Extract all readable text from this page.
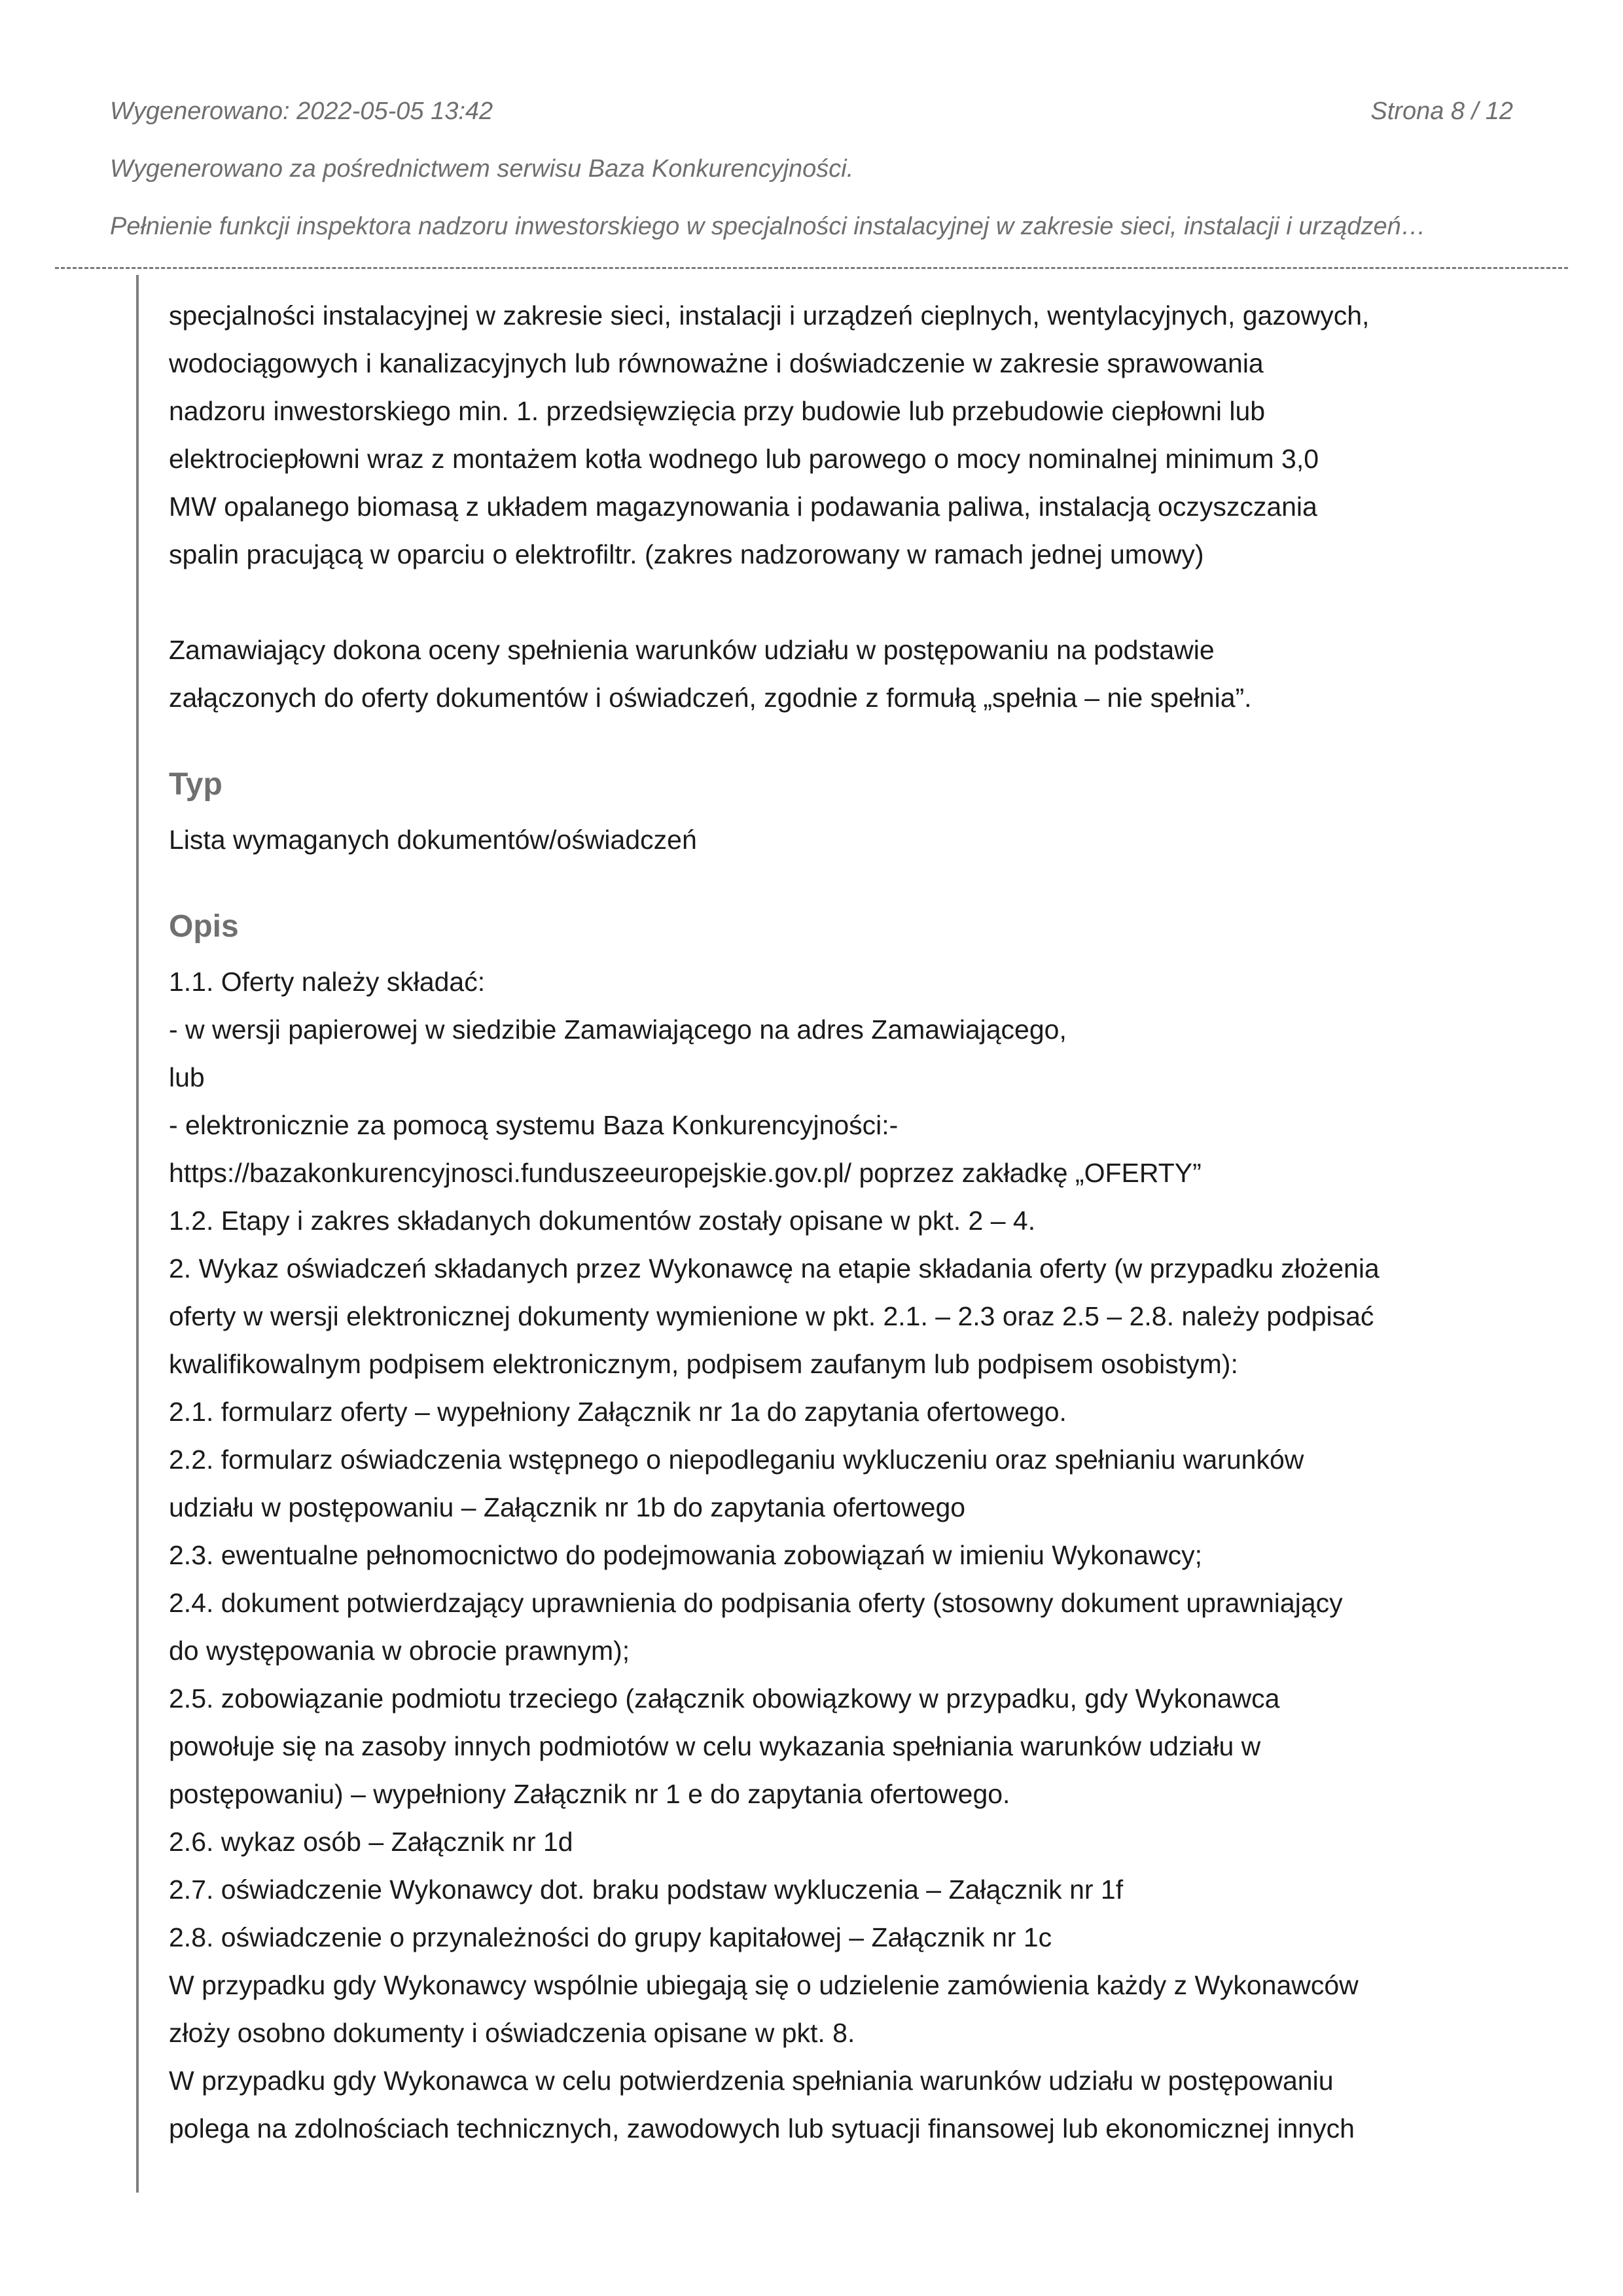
Wygenerowano: 2022-05-05 13:42	Strona 8 / 12
Wygenerowano za pośrednictwem serwisu Baza Konkurencyjności.
Pełnienie funkcji inspektora nadzoru inwestorskiego w specjalności instalacyjnej w zakresie sieci, instalacji i urządzeń…

specjalności instalacyjnej w zakresie sieci, instalacji i urządzeń cieplnych, wentylacyjnych, gazowych,
wodociągowych i kanalizacyjnych lub równoważne i doświadczenie w zakresie sprawowania
nadzoru inwestorskiego min. 1. przedsięwzięcia przy budowie lub przebudowie ciepłowni lub
elektrociepłowni wraz z montażem kotła wodnego lub parowego o mocy nominalnej minimum 3,0
MW opalanego biomasą z układem magazynowania i podawania paliwa, instalacją oczyszczania
spalin pracującą w oparciu o elektrofiltr. (zakres nadzorowany w ramach jednej umowy)

Zamawiający dokona oceny spełnienia warunków udziału w postępowaniu na podstawie
załączonych do oferty dokumentów i oświadczeń, zgodnie z formułą „spełnia – nie spełnia”.

Typ
Lista wymaganych dokumentów/oświadczeń
Opis
1.1. Oferty należy składać:
- w wersji papierowej w siedzibie Zamawiającego na adres Zamawiającego,
lub
- elektronicznie za pomocą systemu Baza Konkurencyjności:-
https://bazakonkurencyjnosci.funduszeeuropejskie.gov.pl/ poprzez zakładkę „OFERTY”
1.2. Etapy i zakres składanych dokumentów zostały opisane w pkt. 2 – 4.
2. Wykaz oświadczeń składanych przez Wykonawcę na etapie składania oferty (w przypadku złożenia
oferty w wersji elektronicznej dokumenty wymienione w pkt. 2.1. – 2.3 oraz 2.5 – 2.8. należy podpisać
kwalifikowalnym podpisem elektronicznym, podpisem zaufanym lub podpisem osobistym):
2.1. formularz oferty – wypełniony Załącznik nr 1a do zapytania ofertowego.
2.2. formularz oświadczenia wstępnego o niepodleganiu wykluczeniu oraz spełnianiu warunków
udziału w postępowaniu – Załącznik nr 1b do zapytania ofertowego
2.3. ewentualne pełnomocnictwo do podejmowania zobowiązań w imieniu Wykonawcy;
2.4. dokument potwierdzający uprawnienia do podpisania oferty (stosowny dokument uprawniający
do występowania w obrocie prawnym);
2.5. zobowiązanie podmiotu trzeciego (załącznik obowiązkowy w przypadku, gdy Wykonawca
powołuje się na zasoby innych podmiotów w celu wykazania spełniania warunków udziału w
postępowaniu) – wypełniony Załącznik nr 1 e do zapytania ofertowego.
2.6. wykaz osób – Załącznik nr 1d
2.7. oświadczenie Wykonawcy dot. braku podstaw wykluczenia – Załącznik nr 1f
2.8. oświadczenie o przynależności do grupy kapitałowej – Załącznik nr 1c
W przypadku gdy Wykonawcy wspólnie ubiegają się o udzielenie zamówienia każdy z Wykonawców
złoży osobno dokumenty i oświadczenia opisane w pkt. 8.
W przypadku gdy Wykonawca w celu potwierdzenia spełniania warunków udziału w postępowaniu
polega na zdolnościach technicznych, zawodowych lub sytuacji finansowej lub ekonomicznej innych
